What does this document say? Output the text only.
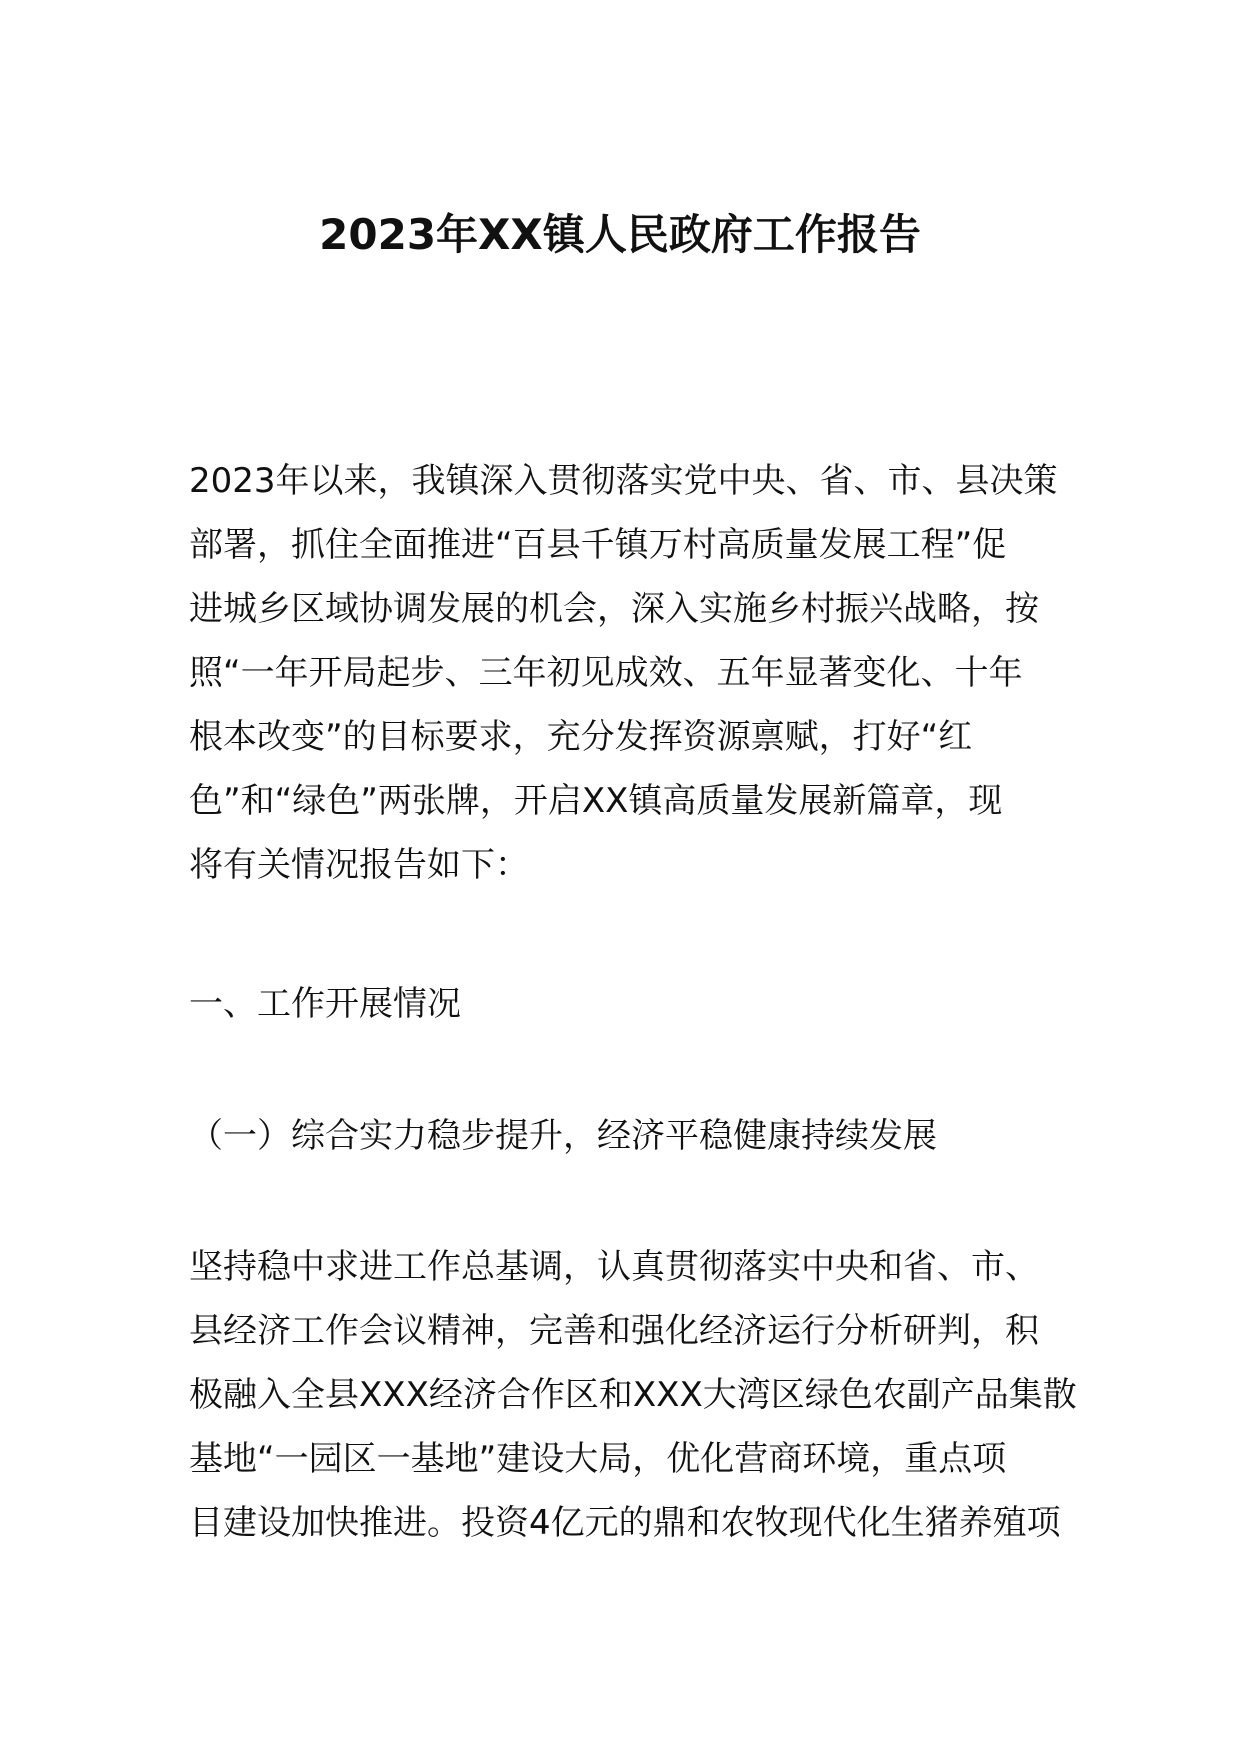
2023年XX镇人民政府工作报告
2023年以来，我镇深入贯彻落实党中央、省、市、县决策
部署，抓住全面推进“百县千镇万村高质量发展工程”促
进城乡区域协调发展的机会，深入实施乡村振兴战略，按
照“一年开局起步、三年初见成效、五年显著变化、十年
根本改变”的目标要求，充分发挥资源禀赋，打好“红
色”和“绿色”两张牌，开启XX镇高质量发展新篇章，现
将有关情况报告如下：
一、工作开展情况
（一）综合实力稳步提升，经济平稳健康持续发展
坚持稳中求进工作总基调，认真贯彻落实中央和省、市、
县经济工作会议精神，完善和强化经济运行分析研判，积
极融入全县XXX经济合作区和XXX大湾区绿色农副产品集散
基地“一园区一基地”建设大局，优化营商环境，重点项
目建设加快推进。投资4亿元的鼎和农牧现代化生猪养殖项
